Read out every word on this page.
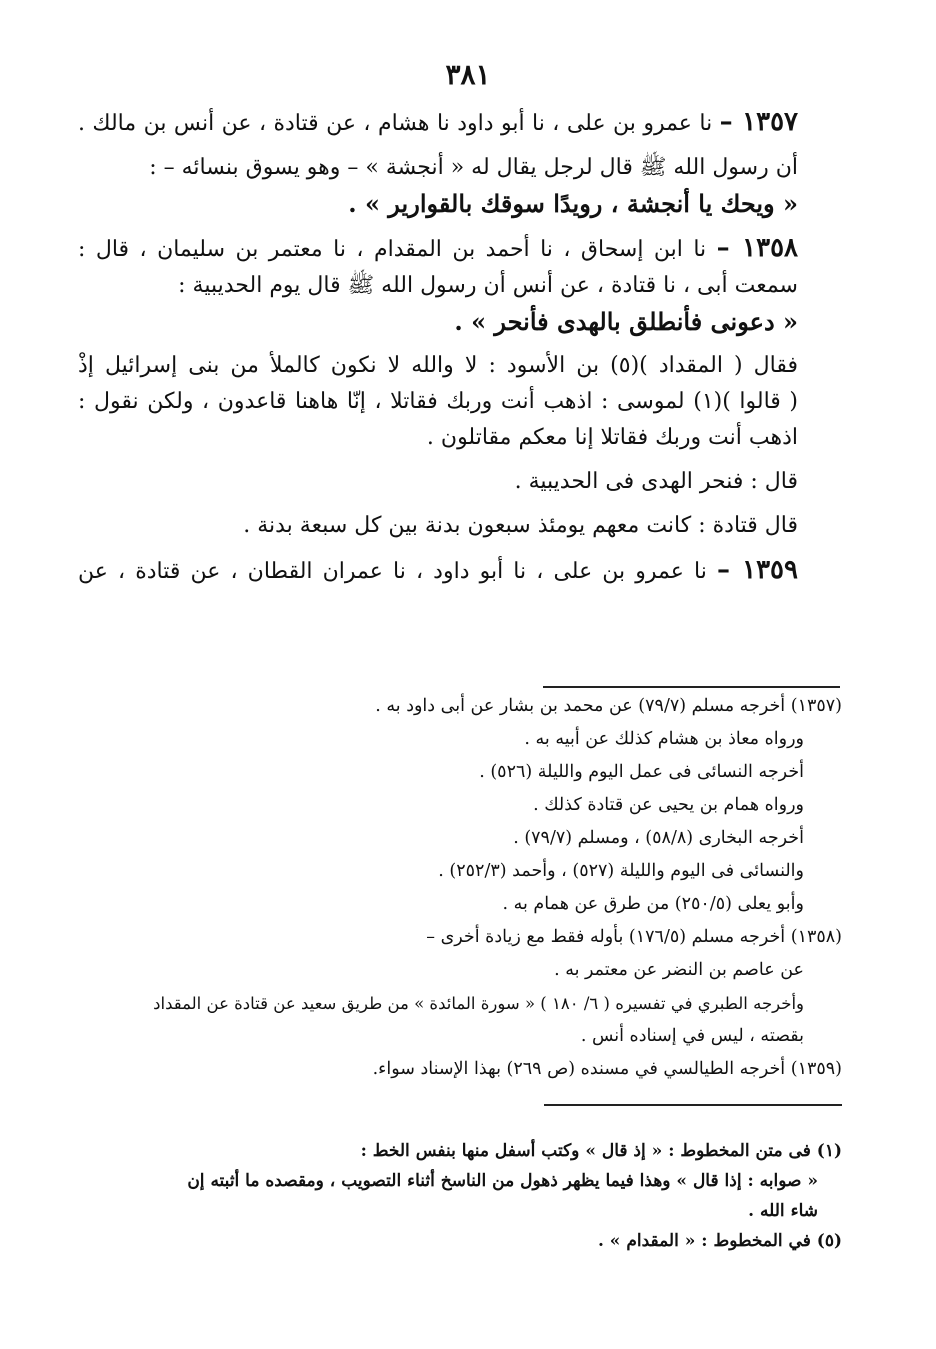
٣٨١
١٣٥٧ – نا عمرو بن على ، نا أبو داود نا هشام ، عن قتادة ، عن أنس بن مالك .
أن رسول الله ﷺ قال لرجل يقال له « أنجشة » – وهو يسوق بنسائه – :
« ويحك يا أنجشة ، رويدًا سوقك بالقوارير » .
١٣٥٨ – نا ابن إسحاق ، نا أحمد بن المقدام ، نا معتمر بن سليمان ، قال :
سمعت أبى ، نا قتادة ، عن أنس أن رسول الله ﷺ قال يوم الحديبية :
« دعونى فأنطلق بالهدى فأنحر » .
فقال ( المقداد )(٥) بن الأسود : لا والله لا نكون كالملأ من بنى إسرائيل إذْ
( قالوا )(١) لموسى : اذهب أنت وربك فقاتلا ، إنّا هاهنا قاعدون ، ولكن نقول :
اذهب أنت وربك فقاتلا إنا معكم مقاتلون .
قال : فنحر الهدى فى الحديبية .
قال قتادة : كانت معهم يومئذ سبعون بدنة بين كل سبعة بدنة .
١٣٥٩ – نا عمرو بن على ، نا أبو داود ، نا عمران القطان ، عن قتادة ، عن
(١٣٥٧) أخرجه مسلم (٧٩/٧) عن محمد بن بشار عن أبى داود به .
ورواه معاذ بن هشام كذلك عن أبيه به .
أخرجه النسائى فى عمل اليوم والليلة (٥٢٦) .
ورواه همام بن يحيى عن قتادة كذلك .
أخرجه البخارى (٥٨/٨) ، ومسلم (٧٩/٧) .
والنسائى فى اليوم والليلة (٥٢٧) ، وأحمد (٢٥٢/٣) .
وأبو يعلى (٢٥٠/٥) من طرق عن همام به .
(١٣٥٨) أخرجه مسلم (١٧٦/٥) بأوله فقط مع زيادة أخرى –
عن عاصم بن النضر عن معتمر به .
وأخرجه الطبري في تفسيره ( ٦/ ١٨٠ ) « سورة المائدة » من طريق سعيد عن قتادة عن المقداد
بقصته ، ليس في إسناده أنس .
(١٣٥٩) أخرجه الطيالسي في مسنده (ص ٢٦٩) بهذا الإسناد سواء.
(١) فى متن المخطوط : « إذ قال » وكتب أسفل منها بنفس الخط :
« صوابه : إذا قال » وهذا فيما يظهر ذهول من الناسخ أثناء التصويب ، ومقصده ما أثبته إن
شاء الله .
(٥) في المخطوط : « المقدام » .
